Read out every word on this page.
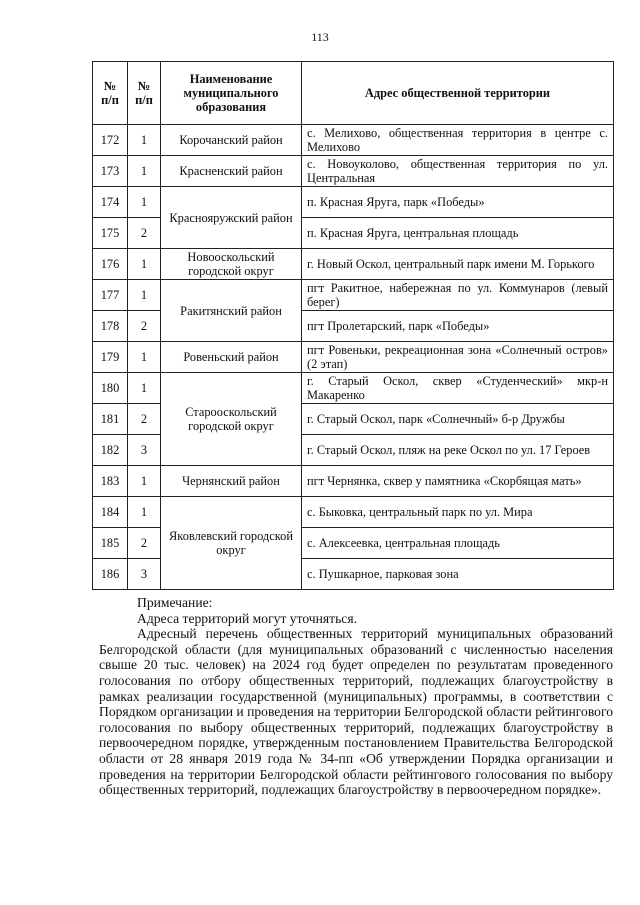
113
№ п/п	№ п/п	Наименование муниципального образования	Адрес общественной территории
172	1	Корочанский район	с. Мелихово, общественная территория в центре с. Мелихово
173	1	Красненский район	с. Новоуколово, общественная территория по ул. Центральная
174	1	Краснояружский район	п. Красная Яруга, парк «Победы»
175	2		п. Красная Яруга, центральная площадь
176	1	Новооскольский городской округ	г. Новый Оскол, центральный парк имени М. Горького
177	1	Ракитянский район	пгт Ракитное, набережная по ул. Коммунаров (левый берег)
178	2		пгт Пролетарский, парк «Победы»
179	1	Ровеньский район	пгт Ровеньки, рекреационная зона «Солнечный остров» (2 этап)
180	1	Старооскольский городской округ	г. Старый Оскол, сквер «Студенческий» мкр-н Макаренко
181	2		г. Старый Оскол, парк «Солнечный» б-р Дружбы
182	3		г. Старый Оскол, пляж на реке Оскол по ул. 17 Героев
183	1	Чернянский район	пгт Чернянка, сквер у памятника «Скорбящая мать»
184	1	Яковлевский городской округ	с. Быковка, центральный парк по ул. Мира
185	2		с. Алексеевка, центральная площадь
186	3		с. Пушкарное, парковая зона

Примечание:

Адреса территорий могут уточняться.

Адресный перечень общественных территорий муниципальных образований Белгородской области (для муниципальных образований с численностью населения свыше 20 тыс. человек) на 2024 год будет определен по результатам проведенного голосования по отбору общественных территорий, подлежащих благоустройству в рамках реализации государственной (муниципальных) программы, в соответствии с Порядком организации и проведения на территории Белгородской области рейтингового голосования по выбору общественных территорий, подлежащих благоустройству в первоочередном порядке, утвержденным постановлением Правительства Белгородской области от 28 января 2019 года № 34-пп «Об утверждении Порядка организации и проведения на территории Белгородской области рейтингового голосования по выбору общественных территорий, подлежащих благоустройству в первоочередном порядке».
